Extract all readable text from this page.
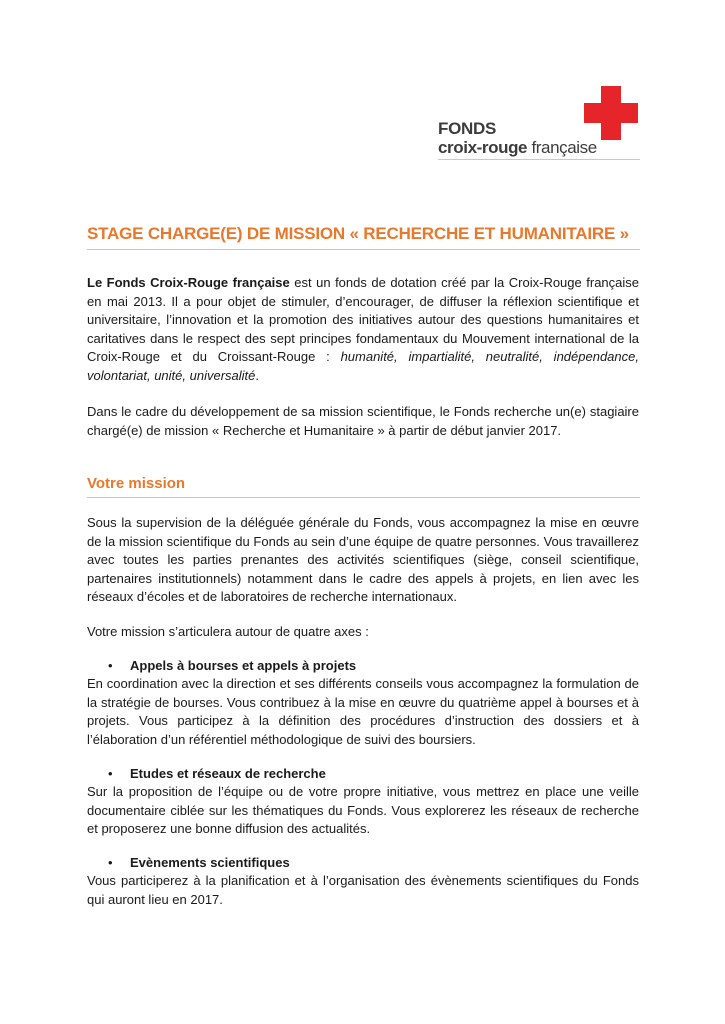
FONDS
croix-rouge française
STAGE CHARGE(E) DE MISSION « RECHERCHE ET HUMANITAIRE »

Le Fonds Croix-Rouge française est un fonds de dotation créé par la Croix-Rouge française en mai 2013. Il a pour objet de stimuler, d’encourager, de diffuser la réflexion scientifique et universitaire, l’innovation et la promotion des initiatives autour des questions humanitaires et caritatives dans le respect des sept principes fondamentaux du Mouvement international de la Croix-Rouge et du Croissant-Rouge : humanité, impartialité, neutralité, indépendance, volontariat, unité, universalité.

Dans le cadre du développement de sa mission scientifique, le Fonds recherche un(e) stagiaire chargé(e) de mission « Recherche et Humanitaire » à partir de début janvier 2017.

Votre mission

Sous la supervision de la déléguée générale du Fonds, vous accompagnez la mise en œuvre de la mission scientifique du Fonds au sein d’une équipe de quatre personnes. Vous travaillerez avec toutes les parties prenantes des activités scientifiques (siège, conseil scientifique, partenaires institutionnels) notamment dans le cadre des appels à projets, en lien avec les réseaux d’écoles et de laboratoires de recherche internationaux.

Votre mission s’articulera autour de quatre axes :

• Appels à bourses et appels à projets

En coordination avec la direction et ses différents conseils vous accompagnez la formulation de la stratégie de bourses. Vous contribuez à la mise en œuvre du quatrième appel à bourses et à projets. Vous participez à la définition des procédures d’instruction des dossiers et à l’élaboration d’un référentiel méthodologique de suivi des boursiers.

• Etudes et réseaux de recherche

Sur la proposition de l’équipe ou de votre propre initiative, vous mettrez en place une veille documentaire ciblée sur les thématiques du Fonds. Vous explorerez les réseaux de recherche et proposerez une bonne diffusion des actualités.

• Evènements scientifiques

Vous participerez à la planification et à l’organisation des évènements scientifiques du Fonds qui auront lieu en 2017.
